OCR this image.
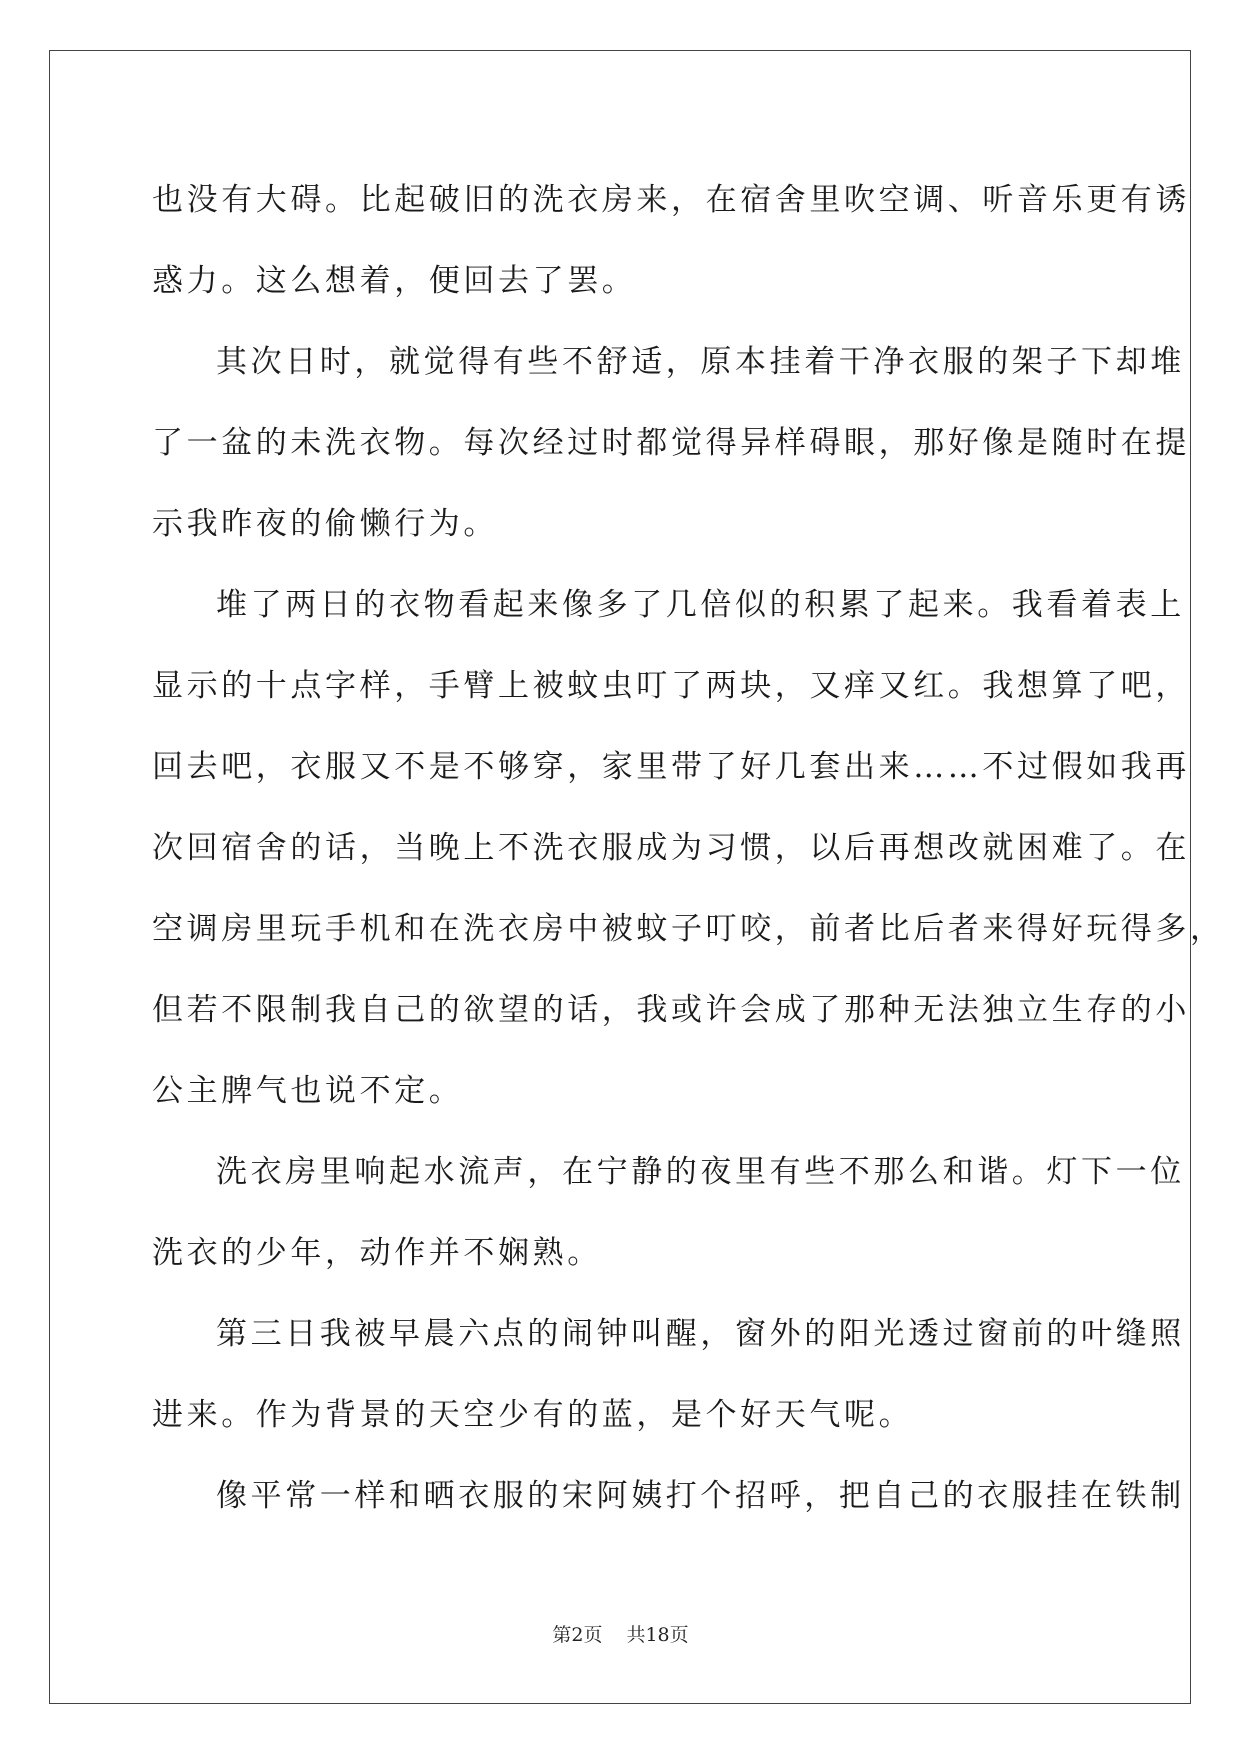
也没有大碍。比起破旧的洗衣房来，在宿舍里吹空调、听音乐更有诱

惑力。这么想着，便回去了罢。

其次日时，就觉得有些不舒适，原本挂着干净衣服的架子下却堆

了一盆的未洗衣物。每次经过时都觉得异样碍眼，那好像是随时在提

示我昨夜的偷懒行为。

堆了两日的衣物看起来像多了几倍似的积累了起来。我看着表上

显示的十点字样，手臂上被蚊虫叮了两块，又痒又红。我想算了吧，

回去吧，衣服又不是不够穿，家里带了好几套出来……不过假如我再

次回宿舍的话，当晚上不洗衣服成为习惯，以后再想改就困难了。在

空调房里玩手机和在洗衣房中被蚊子叮咬，前者比后者来得好玩得多，

但若不限制我自己的欲望的话，我或许会成了那种无法独立生存的小

公主脾气也说不定。

洗衣房里响起水流声，在宁静的夜里有些不那么和谐。灯下一位

洗衣的少年，动作并不娴熟。

第三日我被早晨六点的闹钟叫醒，窗外的阳光透过窗前的叶缝照

进来。作为背景的天空少有的蓝，是个好天气呢。

像平常一样和晒衣服的宋阿姨打个招呼，把自己的衣服挂在铁制

第2页 共18页
